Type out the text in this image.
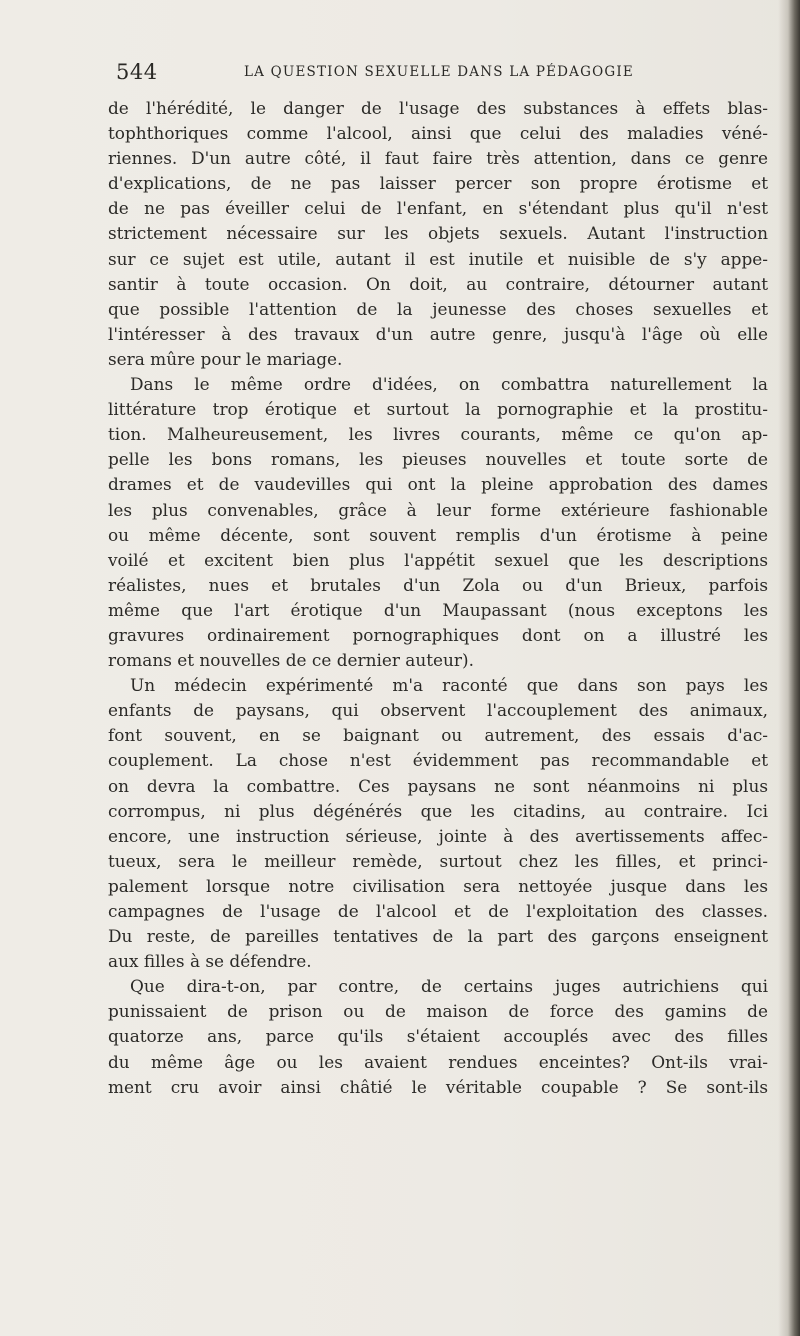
544	LA QUESTION SEXUELLE DANS LA PÉDAGOGIE
de l'hérédité, le danger de l'usage des substances à effets blas-
tophthoriques comme l'alcool, ainsi que celui des maladies véné-
riennes. D'un autre côté, il faut faire très attention, dans ce genre
d'explications, de ne pas laisser percer son propre érotisme et
de ne pas éveiller celui de l'enfant, en s'étendant plus qu'il n'est
strictement nécessaire sur les objets sexuels. Autant l'instruction
sur ce sujet est utile, autant il est inutile et nuisible de s'y appe-
santir à toute occasion. On doit, au contraire, détourner autant
que possible l'attention de la jeunesse des choses sexuelles et
l'intéresser à des travaux d'un autre genre, jusqu'à l'âge où elle
sera mûre pour le mariage.
Dans le même ordre d'idées, on combattra naturellement la
littérature trop érotique et surtout la pornographie et la prostitu-
tion. Malheureusement, les livres courants, même ce qu'on ap-
pelle les bons romans, les pieuses nouvelles et toute sorte de
drames et de vaudevilles qui ont la pleine approbation des dames
les plus convenables, grâce à leur forme extérieure fashionable
ou même décente, sont souvent remplis d'un érotisme à peine
voilé et excitent bien plus l'appétit sexuel que les descriptions
réalistes, nues et brutales d'un Zola ou d'un Brieux, parfois
même que l'art érotique d'un Maupassant (nous exceptons les
gravures ordinairement pornographiques dont on a illustré les
romans et nouvelles de ce dernier auteur).
Un médecin expérimenté m'a raconté que dans son pays les
enfants de paysans, qui observent l'accouplement des animaux,
font souvent, en se baignant ou autrement, des essais d'ac-
couplement. La chose n'est évidemment pas recommandable et
on devra la combattre. Ces paysans ne sont néanmoins ni plus
corrompus, ni plus dégénérés que les citadins, au contraire. Ici
encore, une instruction sérieuse, jointe à des avertissements affec-
tueux, sera le meilleur remède, surtout chez les filles, et princi-
palement lorsque notre civilisation sera nettoyée jusque dans les
campagnes de l'usage de l'alcool et de l'exploitation des classes.
Du reste, de pareilles tentatives de la part des garçons enseignent
aux filles à se défendre.
Que dira-t-on, par contre, de certains juges autrichiens qui
punissaient de prison ou de maison de force des gamins de
quatorze ans, parce qu'ils s'étaient accouplés avec des filles
du même âge ou les avaient rendues enceintes? Ont-ils vrai-
ment cru avoir ainsi châtié le véritable coupable ? Se sont-ils
